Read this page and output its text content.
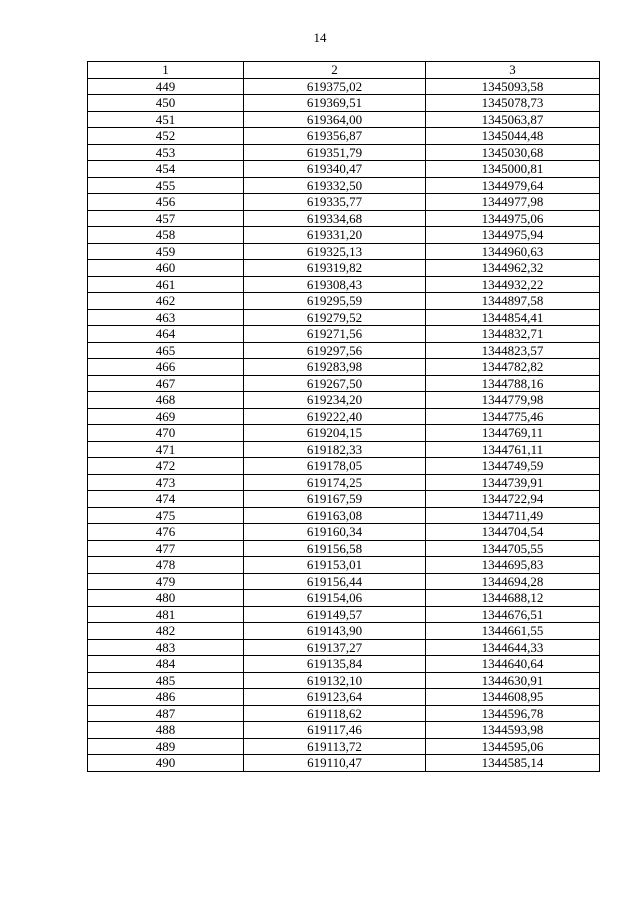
14
1	2	3
449	619375,02	1345093,58
450	619369,51	1345078,73
451	619364,00	1345063,87
452	619356,87	1345044,48
453	619351,79	1345030,68
454	619340,47	1345000,81
455	619332,50	1344979,64
456	619335,77	1344977,98
457	619334,68	1344975,06
458	619331,20	1344975,94
459	619325,13	1344960,63
460	619319,82	1344962,32
461	619308,43	1344932,22
462	619295,59	1344897,58
463	619279,52	1344854,41
464	619271,56	1344832,71
465	619297,56	1344823,57
466	619283,98	1344782,82
467	619267,50	1344788,16
468	619234,20	1344779,98
469	619222,40	1344775,46
470	619204,15	1344769,11
471	619182,33	1344761,11
472	619178,05	1344749,59
473	619174,25	1344739,91
474	619167,59	1344722,94
475	619163,08	1344711,49
476	619160,34	1344704,54
477	619156,58	1344705,55
478	619153,01	1344695,83
479	619156,44	1344694,28
480	619154,06	1344688,12
481	619149,57	1344676,51
482	619143,90	1344661,55
483	619137,27	1344644,33
484	619135,84	1344640,64
485	619132,10	1344630,91
486	619123,64	1344608,95
487	619118,62	1344596,78
488	619117,46	1344593,98
489	619113,72	1344595,06
490	619110,47	1344585,14
